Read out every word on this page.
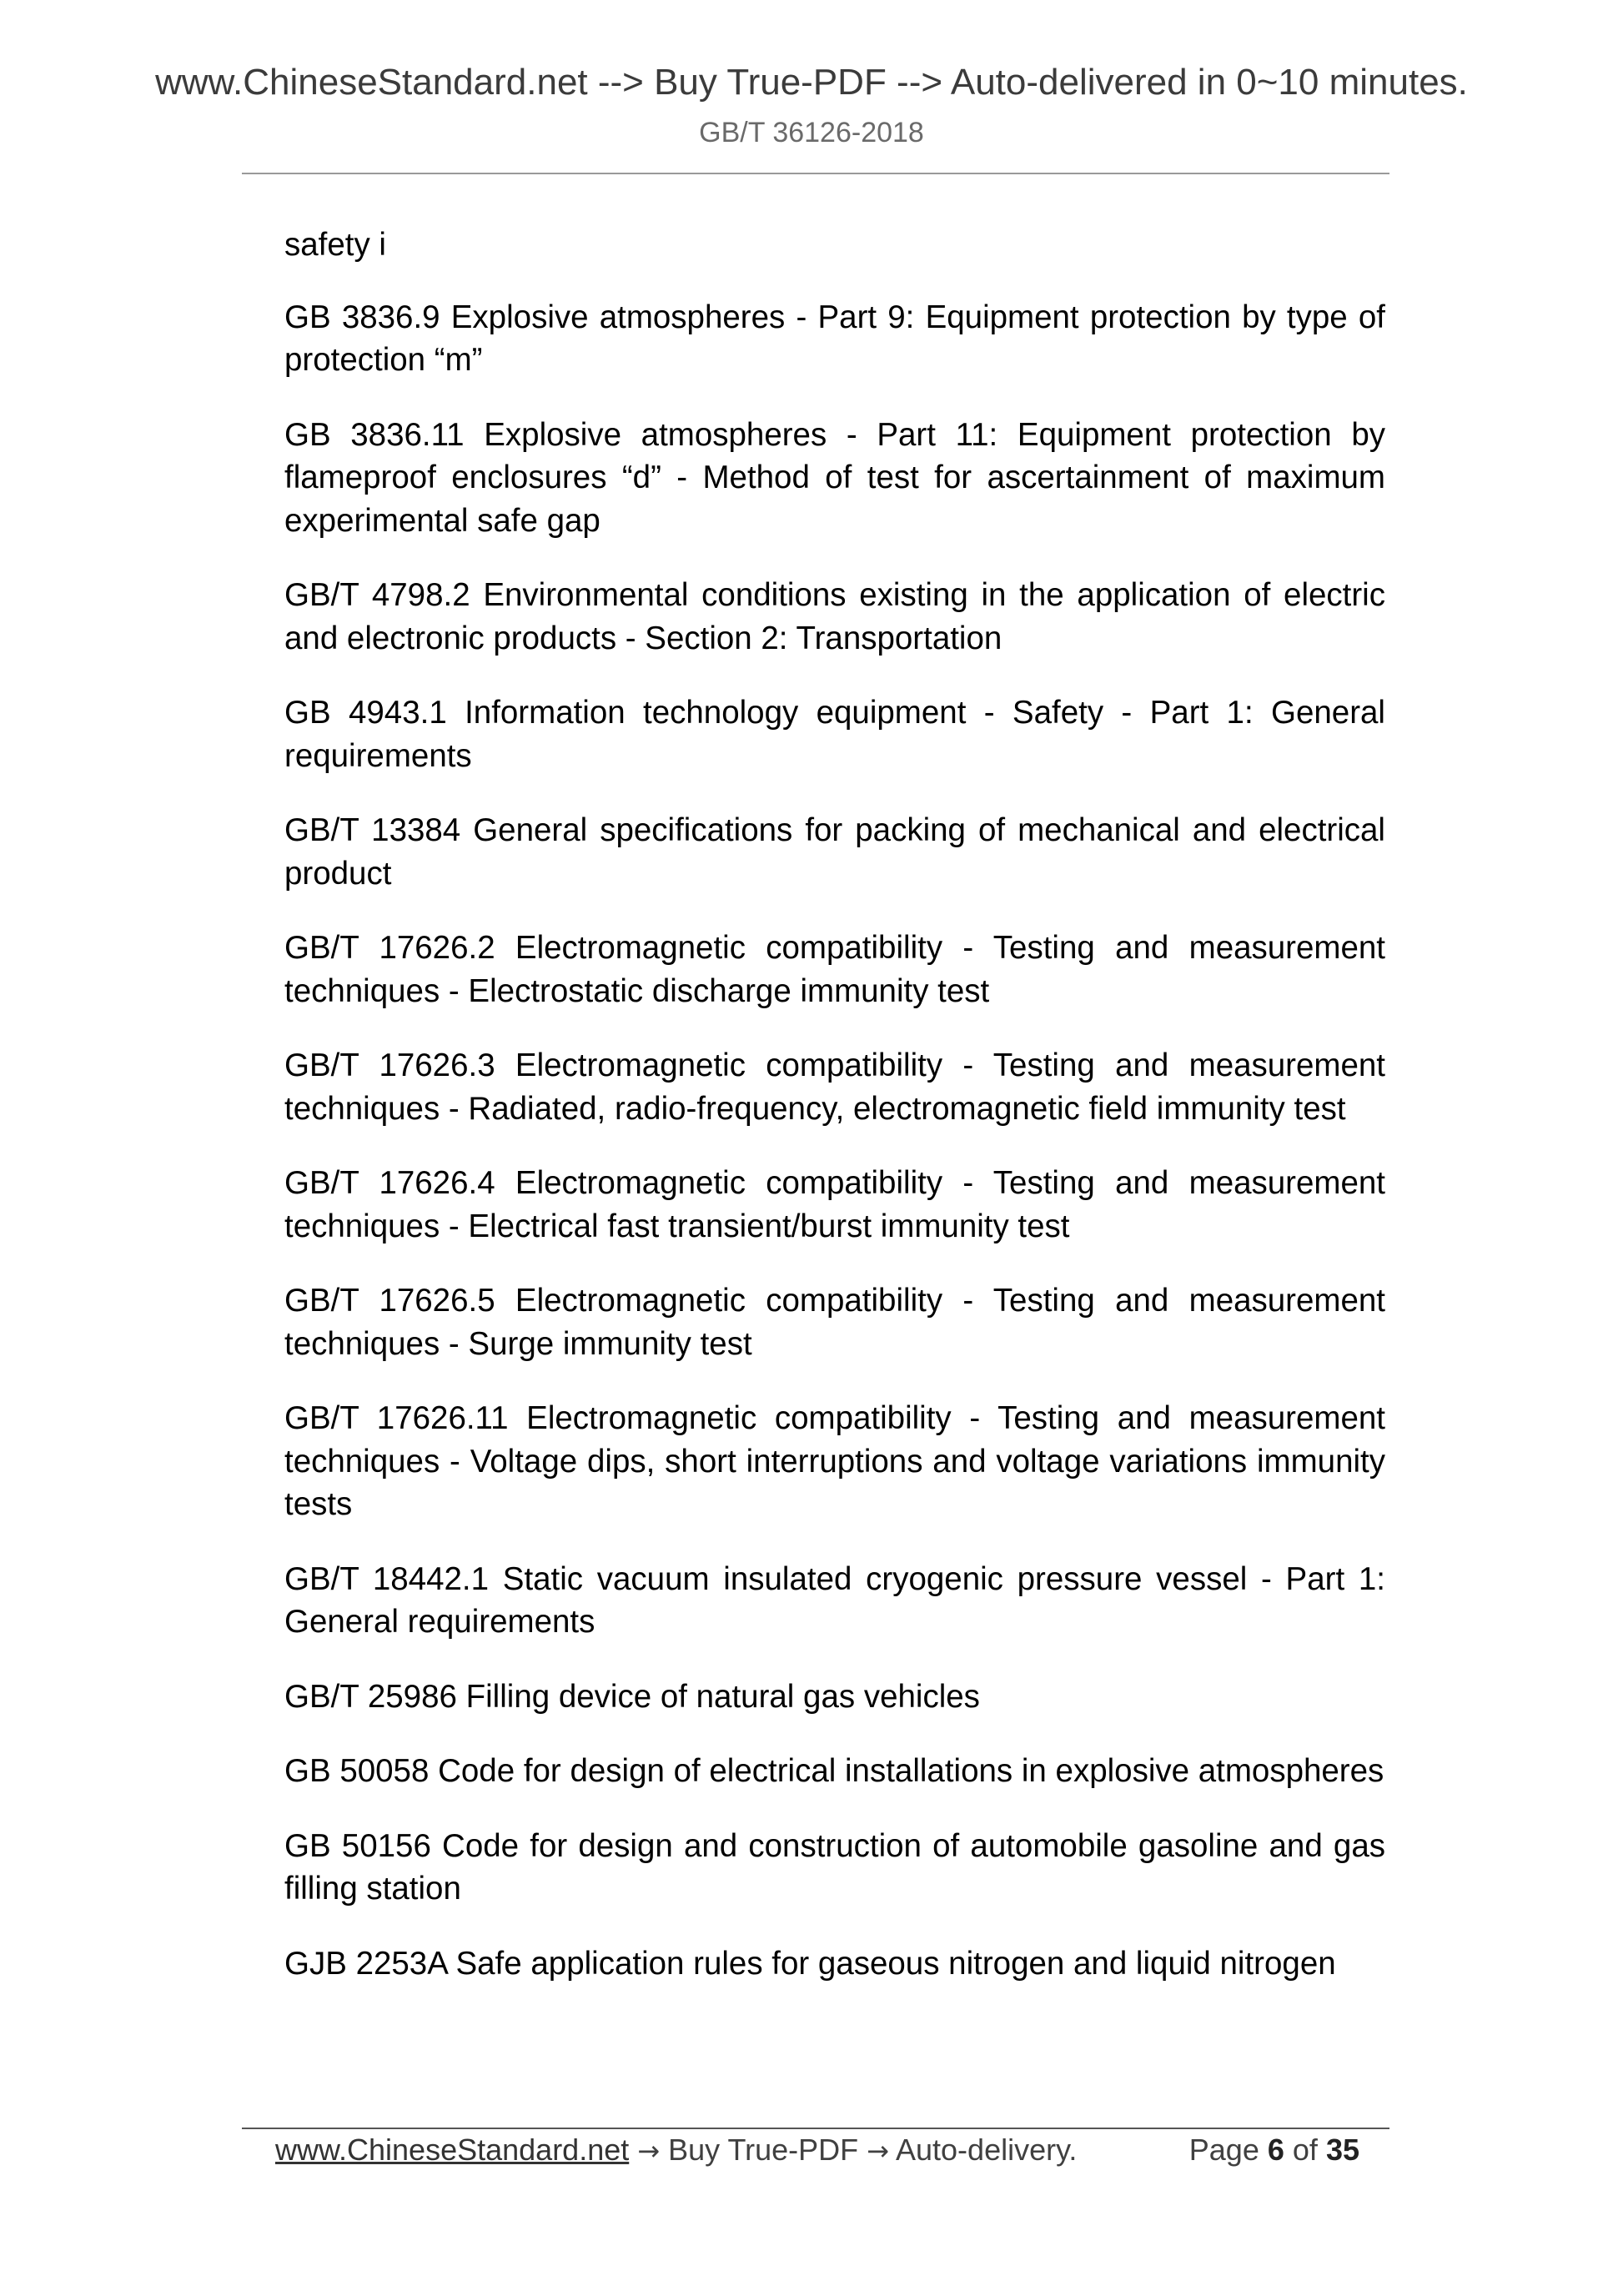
www.ChineseStandard.net --> Buy True-PDF --> Auto-delivered in 0~10 minutes.
GB/T 36126-2018

safety i

GB 3836.9 Explosive atmospheres - Part 9: Equipment protection by type of protection “m”

GB 3836.11 Explosive atmospheres - Part 11: Equipment protection by flameproof enclosures “d” - Method of test for ascertainment of maximum experimental safe gap

GB/T 4798.2 Environmental conditions existing in the application of electric and electronic products - Section 2: Transportation

GB 4943.1 Information technology equipment - Safety - Part 1: General requirements

GB/T 13384 General specifications for packing of mechanical and electrical product

GB/T 17626.2 Electromagnetic compatibility - Testing and measurement techniques - Electrostatic discharge immunity test

GB/T 17626.3 Electromagnetic compatibility - Testing and measurement techniques - Radiated, radio-frequency, electromagnetic field immunity test

GB/T 17626.4 Electromagnetic compatibility - Testing and measurement techniques - Electrical fast transient/burst immunity test

GB/T 17626.5 Electromagnetic compatibility - Testing and measurement techniques - Surge immunity test

GB/T 17626.11 Electromagnetic compatibility - Testing and measurement techniques - Voltage dips, short interruptions and voltage variations immunity tests

GB/T 18442.1 Static vacuum insulated cryogenic pressure vessel - Part 1: General requirements

GB/T 25986 Filling device of natural gas vehicles

GB 50058 Code for design of electrical installations in explosive atmospheres

GB 50156 Code for design and construction of automobile gasoline and gas filling station

GJB 2253A Safe application rules for gaseous nitrogen and liquid nitrogen

www.ChineseStandard.net → Buy True-PDF → Auto-delivery.	Page 6 of 35
